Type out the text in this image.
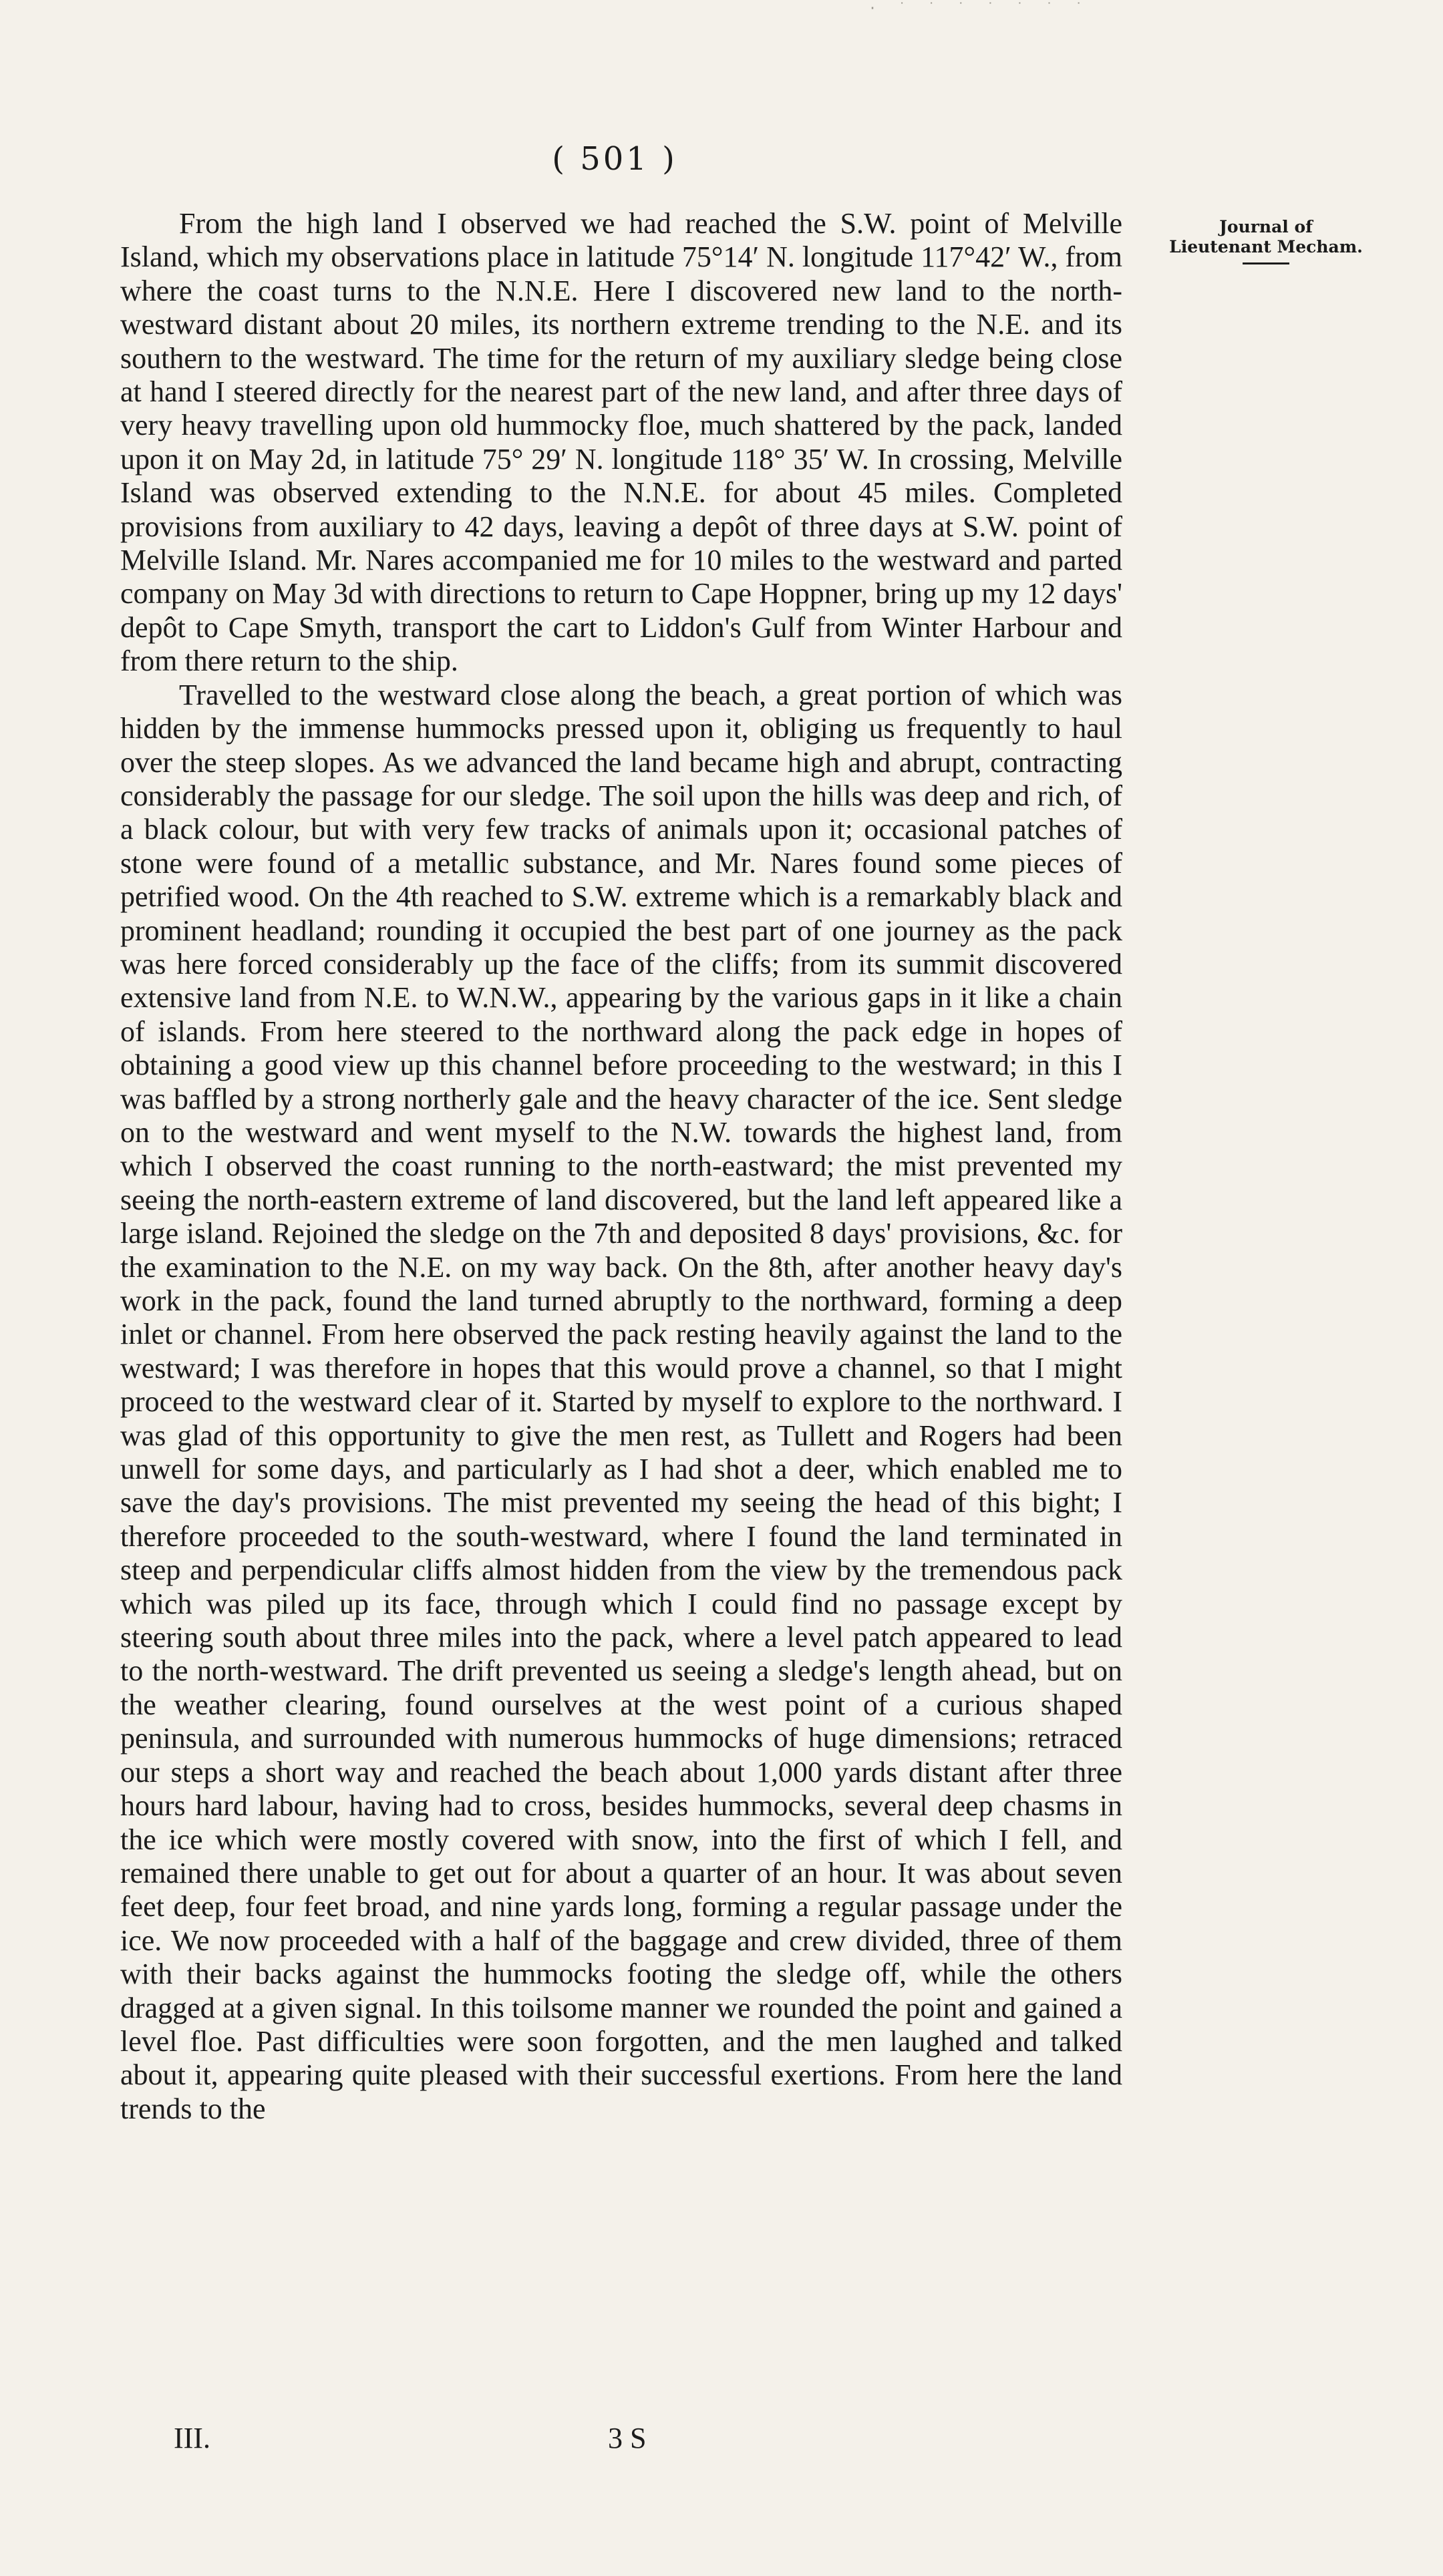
· ˙ ˙ ˙ ˙ ˙ ˙ ˙
( 501 )
Journal of
Lieutenant Mecham.

From the high land I observed we had reached the S.W. point of Melville Island, which my observations place in latitude 75°14′ N. longitude 117°42′ W., from where the coast turns to the N.N.E. Here I discovered new land to the north-westward distant about 20 miles, its northern extreme trending to the N.E. and its southern to the westward. The time for the return of my auxiliary sledge being close at hand I steered directly for the nearest part of the new land, and after three days of very heavy travelling upon old hummocky floe, much shattered by the pack, landed upon it on May 2d, in latitude 75° 29′ N. longitude 118° 35′ W. In crossing, Melville Island was observed extending to the N.N.E. for about 45 miles. Completed provisions from auxiliary to 42 days, leaving a depôt of three days at S.W. point of Melville Island. Mr. Nares accompanied me for 10 miles to the westward and parted company on May 3d with directions to return to Cape Hoppner, bring up my 12 days' depôt to Cape Smyth, transport the cart to Liddon's Gulf from Winter Harbour and from there return to the ship.

Travelled to the westward close along the beach, a great portion of which was hidden by the immense hummocks pressed upon it, obliging us frequently to haul over the steep slopes. As we advanced the land became high and abrupt, contracting considerably the passage for our sledge. The soil upon the hills was deep and rich, of a black colour, but with very few tracks of animals upon it; occasional patches of stone were found of a metallic substance, and Mr. Nares found some pieces of petrified wood. On the 4th reached to S.W. extreme which is a remarkably black and prominent headland; rounding it occupied the best part of one journey as the pack was here forced considerably up the face of the cliffs; from its summit discovered extensive land from N.E. to W.N.W., appearing by the various gaps in it like a chain of islands. From here steered to the northward along the pack edge in hopes of obtaining a good view up this channel before proceeding to the westward; in this I was baffled by a strong northerly gale and the heavy character of the ice. Sent sledge on to the westward and went myself to the N.W. towards the highest land, from which I observed the coast running to the north-eastward; the mist prevented my seeing the north-eastern extreme of land discovered, but the land left appeared like a large island. Rejoined the sledge on the 7th and deposited 8 days' provisions, &c. for the examination to the N.E. on my way back. On the 8th, after another heavy day's work in the pack, found the land turned abruptly to the northward, forming a deep inlet or channel. From here observed the pack resting heavily against the land to the westward; I was therefore in hopes that this would prove a channel, so that I might proceed to the westward clear of it. Started by myself to explore to the northward. I was glad of this opportunity to give the men rest, as Tullett and Rogers had been unwell for some days, and particularly as I had shot a deer, which enabled me to save the day's provisions. The mist prevented my seeing the head of this bight; I therefore proceeded to the south-westward, where I found the land terminated in steep and perpendicular cliffs almost hidden from the view by the tremendous pack which was piled up its face, through which I could find no passage except by steering south about three miles into the pack, where a level patch appeared to lead to the north-westward. The drift prevented us seeing a sledge's length ahead, but on the weather clearing, found ourselves at the west point of a curious shaped peninsula, and surrounded with numerous hummocks of huge dimensions; retraced our steps a short way and reached the beach about 1,000 yards distant after three hours hard labour, having had to cross, besides hummocks, several deep chasms in the ice which were mostly covered with snow, into the first of which I fell, and remained there unable to get out for about a quarter of an hour. It was about seven feet deep, four feet broad, and nine yards long, forming a regular passage under the ice. We now proceeded with a half of the baggage and crew divided, three of them with their backs against the hummocks footing the sledge off, while the others dragged at a given signal. In this toilsome manner we rounded the point and gained a level floe. Past difficulties were soon forgotten, and the men laughed and talked about it, appearing quite pleased with their successful exertions. From here the land trends to the

III.	3 S
